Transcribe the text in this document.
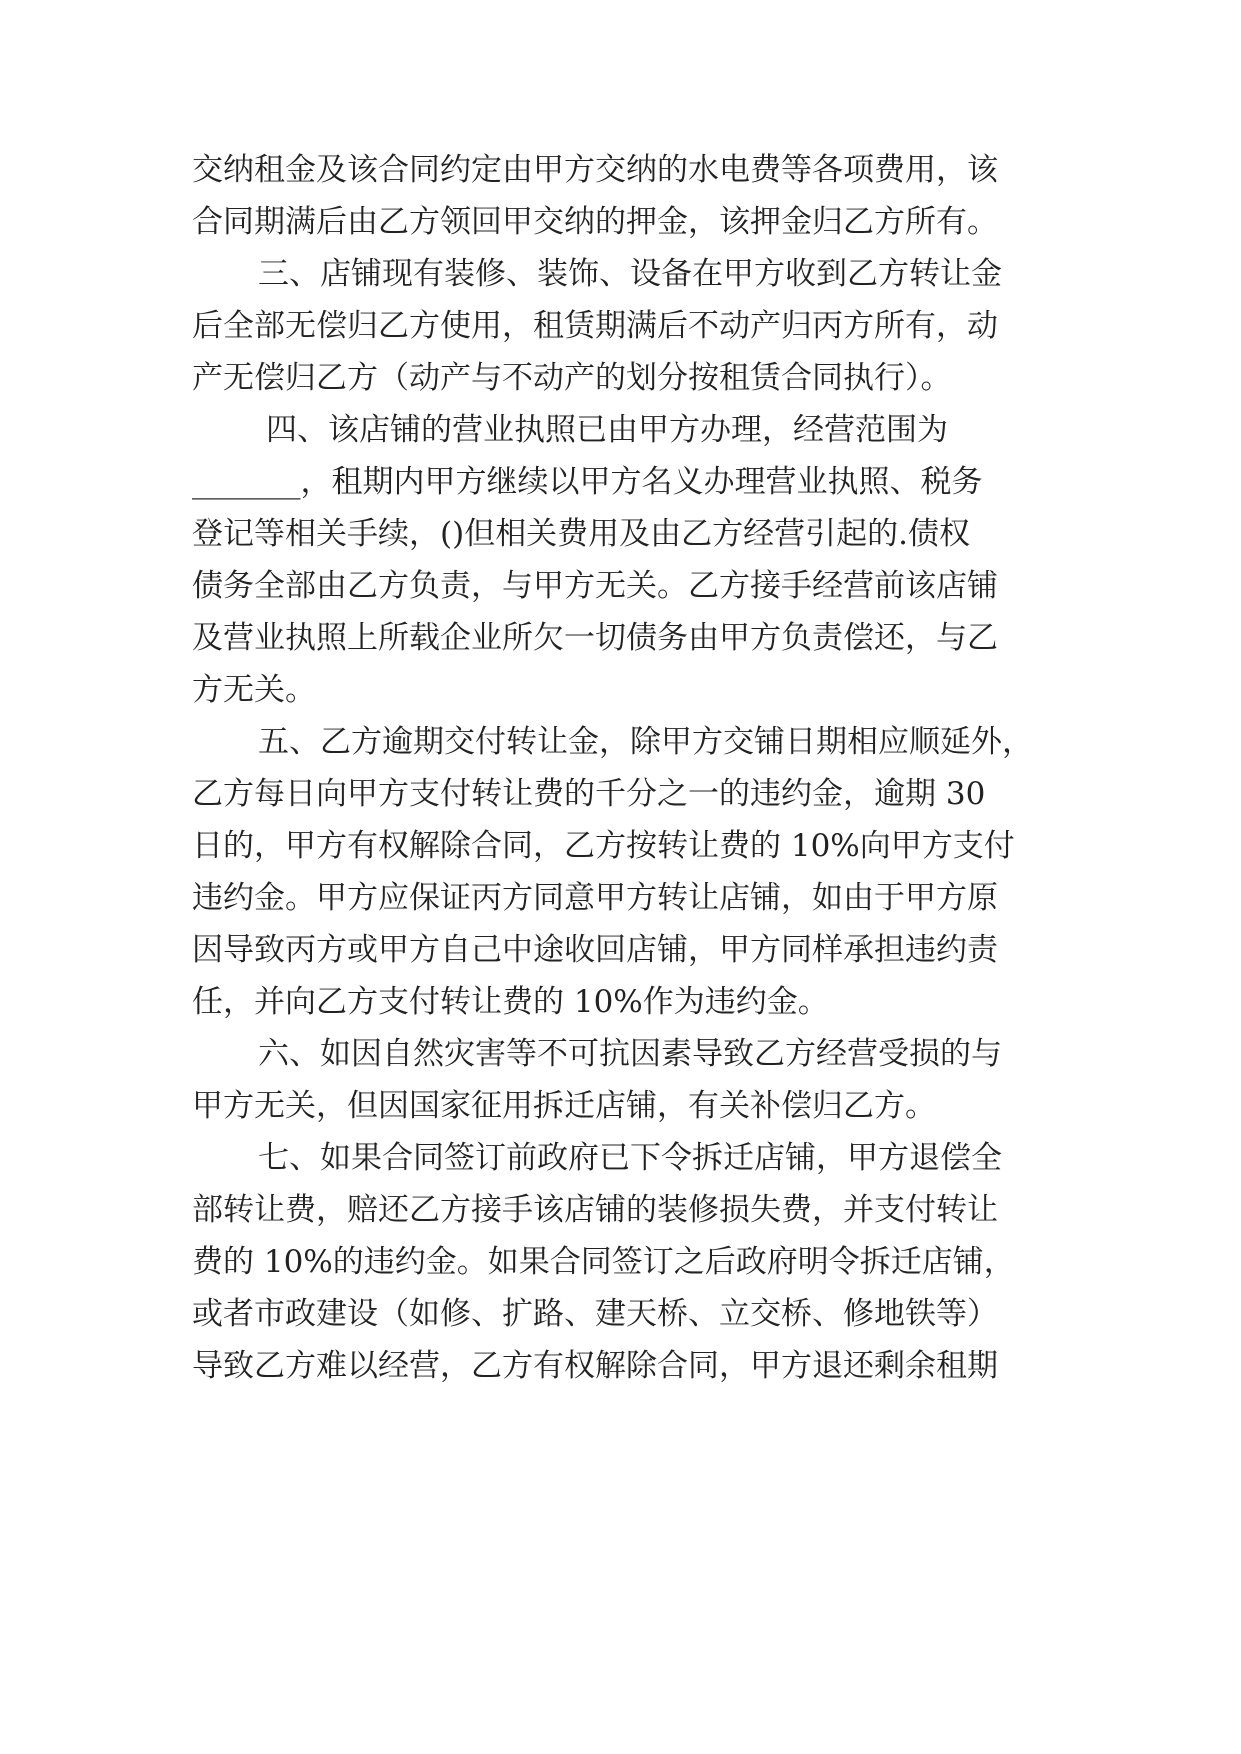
交纳租金及该合同约定由甲方交纳的水电费等各项费用，该
合同期满后由乙方领回甲交纳的押金，该押金归乙方所有。
三、店铺现有装修、装饰、设备在甲方收到乙方转让金
后全部无偿归乙方使用，租赁期满后不动产归丙方所有，动
产无偿归乙方（动产与不动产的划分按租赁合同执行）。
四、该店铺的营业执照已由甲方办理，经营范围为
_______，租期内甲方继续以甲方名义办理营业执照、税务
登记等相关手续，()但相关费用及由乙方经营引起的.债权
债务全部由乙方负责，与甲方无关。乙方接手经营前该店铺
及营业执照上所载企业所欠一切债务由甲方负责偿还，与乙
方无关。
五、乙方逾期交付转让金，除甲方交铺日期相应顺延外，
乙方每日向甲方支付转让费的千分之一的违约金，逾期 30
日的，甲方有权解除合同，乙方按转让费的 10%向甲方支付
违约金。甲方应保证丙方同意甲方转让店铺，如由于甲方原
因导致丙方或甲方自己中途收回店铺，甲方同样承担违约责
任，并向乙方支付转让费的 10%作为违约金。
六、如因自然灾害等不可抗因素导致乙方经营受损的与
甲方无关，但因国家征用拆迁店铺，有关补偿归乙方。
七、如果合同签订前政府已下令拆迁店铺，甲方退偿全
部转让费，赔还乙方接手该店铺的装修损失费，并支付转让
费的 10%的违约金。如果合同签订之后政府明令拆迁店铺，
或者市政建设（如修、扩路、建天桥、立交桥、修地铁等）
导致乙方难以经营，乙方有权解除合同，甲方退还剩余租期
